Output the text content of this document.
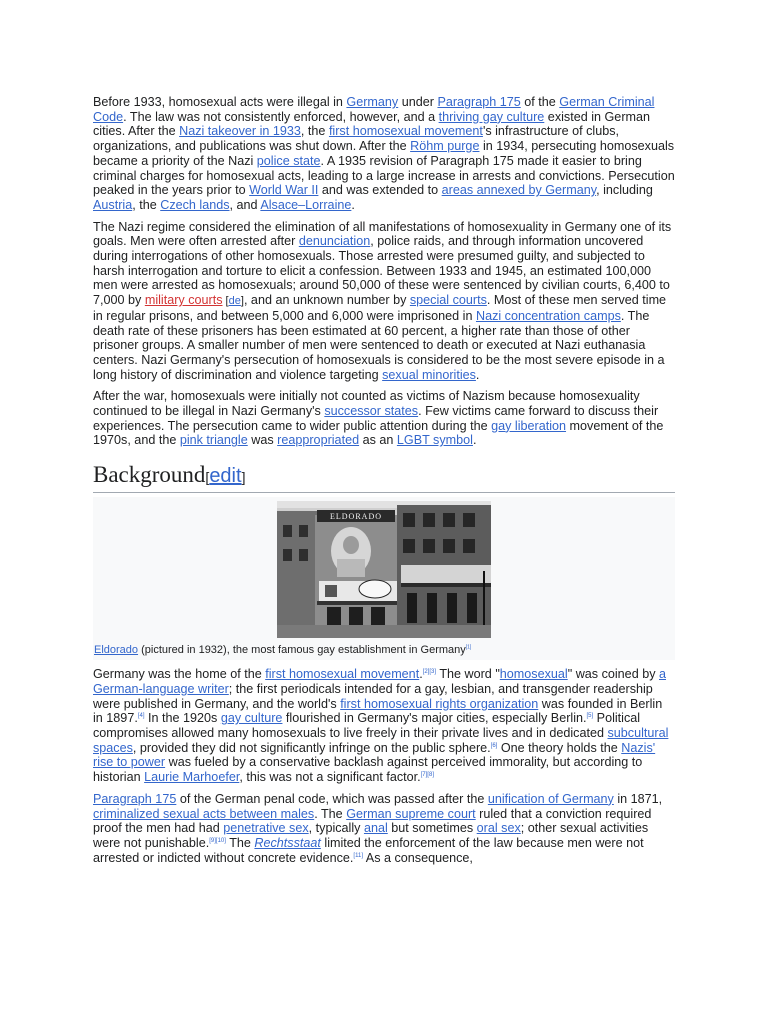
Before 1933, homosexual acts were illegal in Germany under Paragraph 175 of the German Criminal Code. The law was not consistently enforced, however, and a thriving gay culture existed in German cities. After the Nazi takeover in 1933, the first homosexual movement's infrastructure of clubs, organizations, and publications was shut down. After the Röhm purge in 1934, persecuting homosexuals became a priority of the Nazi police state. A 1935 revision of Paragraph 175 made it easier to bring criminal charges for homosexual acts, leading to a large increase in arrests and convictions. Persecution peaked in the years prior to World War II and was extended to areas annexed by Germany, including Austria, the Czech lands, and Alsace–Lorraine.

The Nazi regime considered the elimination of all manifestations of homosexuality in Germany one of its goals. Men were often arrested after denunciation, police raids, and through information uncovered during interrogations of other homosexuals. Those arrested were presumed guilty, and subjected to harsh interrogation and torture to elicit a confession. Between 1933 and 1945, an estimated 100,000 men were arrested as homosexuals; around 50,000 of these were sentenced by civilian courts, 6,400 to 7,000 by military courts [de], and an unknown number by special courts. Most of these men served time in regular prisons, and between 5,000 and 6,000 were imprisoned in Nazi concentration camps. The death rate of these prisoners has been estimated at 60 percent, a higher rate than those of other prisoner groups. A smaller number of men were sentenced to death or executed at Nazi euthanasia centers. Nazi Germany's persecution of homosexuals is considered to be the most severe episode in a long history of discrimination and violence targeting sexual minorities.

After the war, homosexuals were initially not counted as victims of Nazism because homosexuality continued to be illegal in Nazi Germany's successor states. Few victims came forward to discuss their experiences. The persecution came to wider public attention during the gay liberation movement of the 1970s, and the pink triangle was reappropriated as an LGBT symbol.

Background[edit]
ELDORADO
Eldorado (pictured in 1932), the most famous gay establishment in Germany[1]

Germany was the home of the first homosexual movement.[2][3] The word "homosexual" was coined by a German-language writer; the first periodicals intended for a gay, lesbian, and transgender readership were published in Germany, and the world's first homosexual rights organization was founded in Berlin in 1897.[4] In the 1920s gay culture flourished in Germany's major cities, especially Berlin.[5] Political compromises allowed many homosexuals to live freely in their private lives and in dedicated subcultural spaces, provided they did not significantly infringe on the public sphere.[6] One theory holds the Nazis' rise to power was fueled by a conservative backlash against perceived immorality, but according to historian Laurie Marhoefer, this was not a significant factor.[7][8]

Paragraph 175 of the German penal code, which was passed after the unification of Germany in 1871, criminalized sexual acts between males. The German supreme court ruled that a conviction required proof the men had had penetrative sex, typically anal but sometimes oral sex; other sexual activities were not punishable.[9][10] The Rechtsstaat limited the enforcement of the law because men were not arrested or indicted without concrete evidence.[11] As a consequence,
